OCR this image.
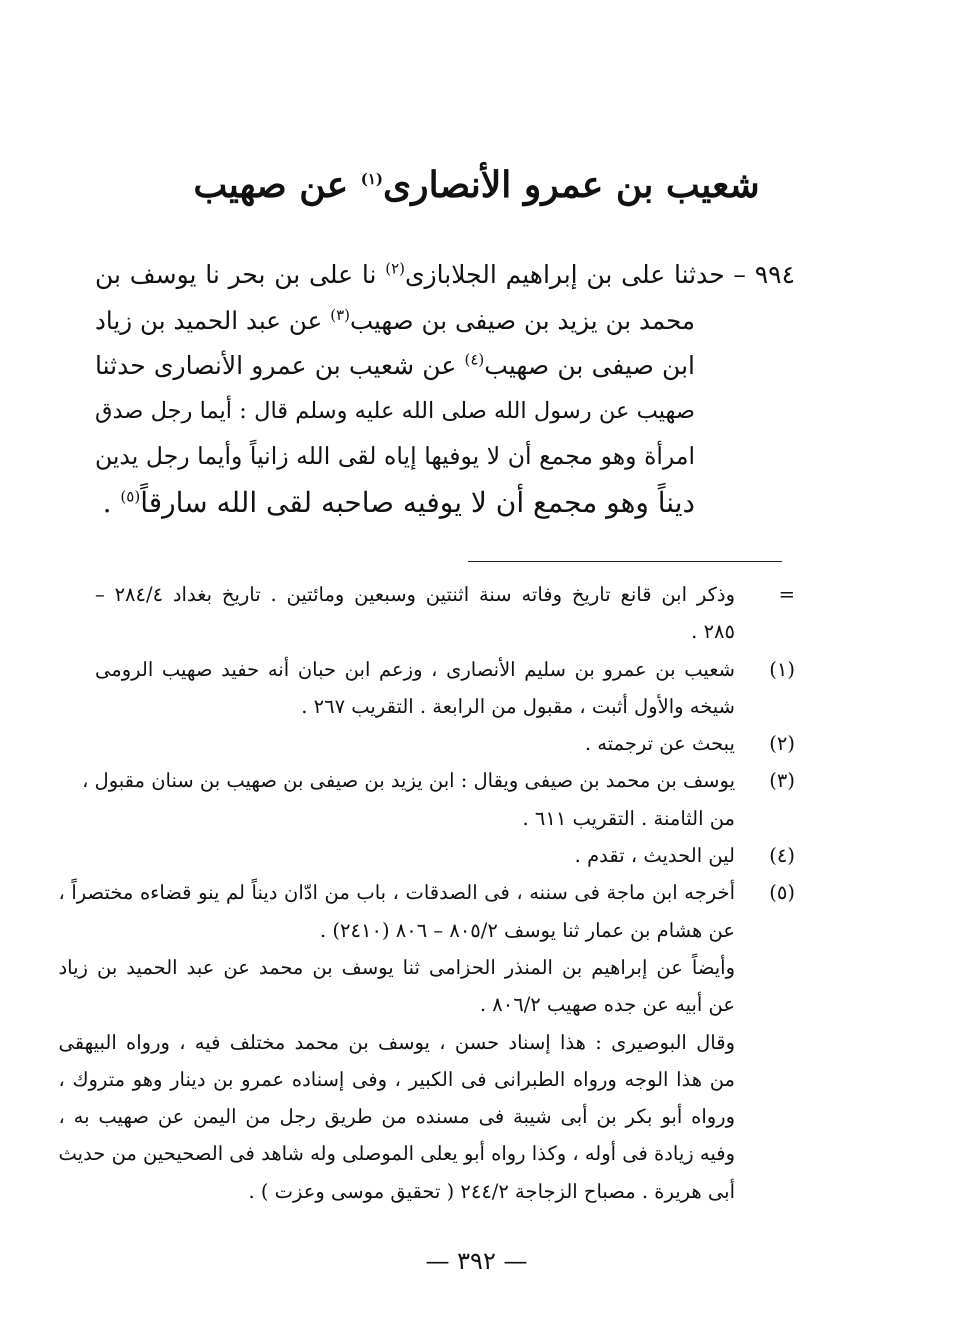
شعيب بن عمرو الأنصارى$^{(١)}$ عن صهيب
٩٩٤ – حدثنا على بن إبراهيم الجلابازى$^{(٢)}$ نا على بن بحر نا يوسف بن
محمد بن يزيد بن صيفى بن صهيب$^{(٣)}$ عن عبد الحميد بن زياد
ابن صيفى بن صهيب$^{(٤)}$ عن شعيب بن عمرو الأنصارى حدثنا
صهيب عن رسول الله صلى الله عليه وسلم قال : أيما رجل صدق
امرأة وهو مجمع أن لا يوفيها إياه لقى الله زانياً وأيما رجل يدين
ديناً وهو مجمع أن لا يوفيه صاحبه لقى الله سارقاً$^{(٥)}$ .
=
وذكر ابن قانع تاريخ وفاته سنة اثنتين وسبعين ومائتين . تاريخ بغداد ٢٨٤/٤ –
٢٨٥ .
(١)
شعيب بن عمرو بن سليم الأنصارى ، وزعم ابن حبان أنه حفيد صهيب الرومى
شيخه والأول أثبت ، مقبول من الرابعة . التقريب ٢٦٧ .
(٢)
يبحث عن ترجمته .
(٣)
يوسف بن محمد بن صيفى ويقال : ابن يزيد بن صيفى بن صهيب بن سنان مقبول ،
من الثامنة . التقريب ٦١١ .
(٤)
لين الحديث ، تقدم .
(٥)
أخرجه ابن ماجة فى سننه ، فى الصدقات ، باب من ادّان ديناً لم ينو قضاءه مختصراً ،
عن هشام بن عمار ثنا يوسف ٨٠٥/٢ – ٨٠٦ (٢٤١٠) .
وأيضاً عن إبراهيم بن المنذر الحزامى ثنا يوسف بن محمد عن عبد الحميد بن زياد
عن أبيه عن جده صهيب ٨٠٦/٢ .
وقال البوصيرى : هذا إسناد حسن ، يوسف بن محمد مختلف فيه ، ورواه البيهقى
من هذا الوجه ورواه الطبرانى فى الكبير ، وفى إسناده عمرو بن دينار وهو متروك ،
ورواه أبو بكر بن أبى شيبة فى مسنده من طريق رجل من اليمن عن صهيب به ،
وفيه زيادة فى أوله ، وكذا رواه أبو يعلى الموصلى وله شاهد فى الصحيحين من حديث
أبى هريرة . مصباح الزجاجة ٢٤٤/٢ ( تحقيق موسى وعزت ) .
— ٣٩٢ —
